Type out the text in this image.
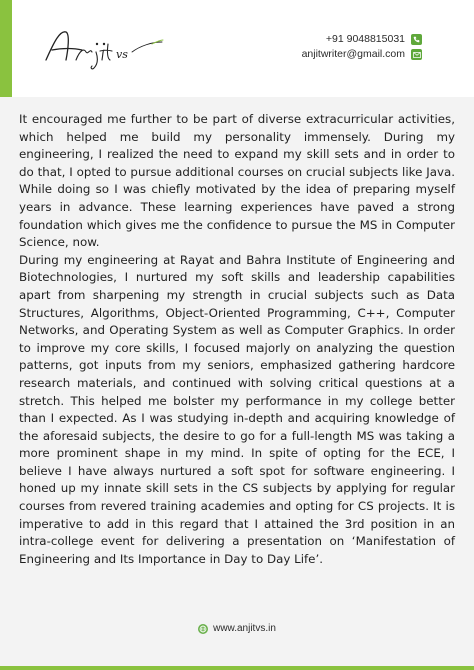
vs
+91 9048815031
anjitwriter@gmail.com

It encouraged me further to be part of diverse extracurricular activities, which helped me build my personality immensely. During my engineering, I realized the need to expand my skill sets and in order to do that, I opted to pursue additional courses on crucial subjects like Java. While doing so I was chiefly motivated by the idea of preparing myself years in advance. These learning experiences have paved a strong foundation which gives me the confidence to pursue the MS in Computer Science, now.

During my engineering at Rayat and Bahra Institute of Engineering and Biotechnologies, I nurtured my soft skills and leadership capabilities apart from sharpening my strength in crucial subjects such as Data Structures, Algorithms, Object-Oriented Programming, C++, Computer Networks, and Operating System as well as Computer Graphics. In order to improve my core skills, I focused majorly on analyzing the question patterns, got inputs from my seniors, emphasized gathering hardcore research materials, and continued with solving critical questions at a stretch. This helped me bolster my performance in my college better than I expected. As I was studying in-depth and acquiring knowledge of the aforesaid subjects, the desire to go for a full-length MS was taking a more prominent shape in my mind. In spite of opting for the ECE, I believe I have always nurtured a soft spot for software engineering. I honed up my innate skill sets in the CS subjects by applying for regular courses from revered training academies and opting for CS projects. It is imperative to add in this regard that I attained the 3rd position in an intra-college event for delivering a presentation on ‘Manifestation of Engineering and Its Importance in Day to Day Life’.

www.anjitvs.in
